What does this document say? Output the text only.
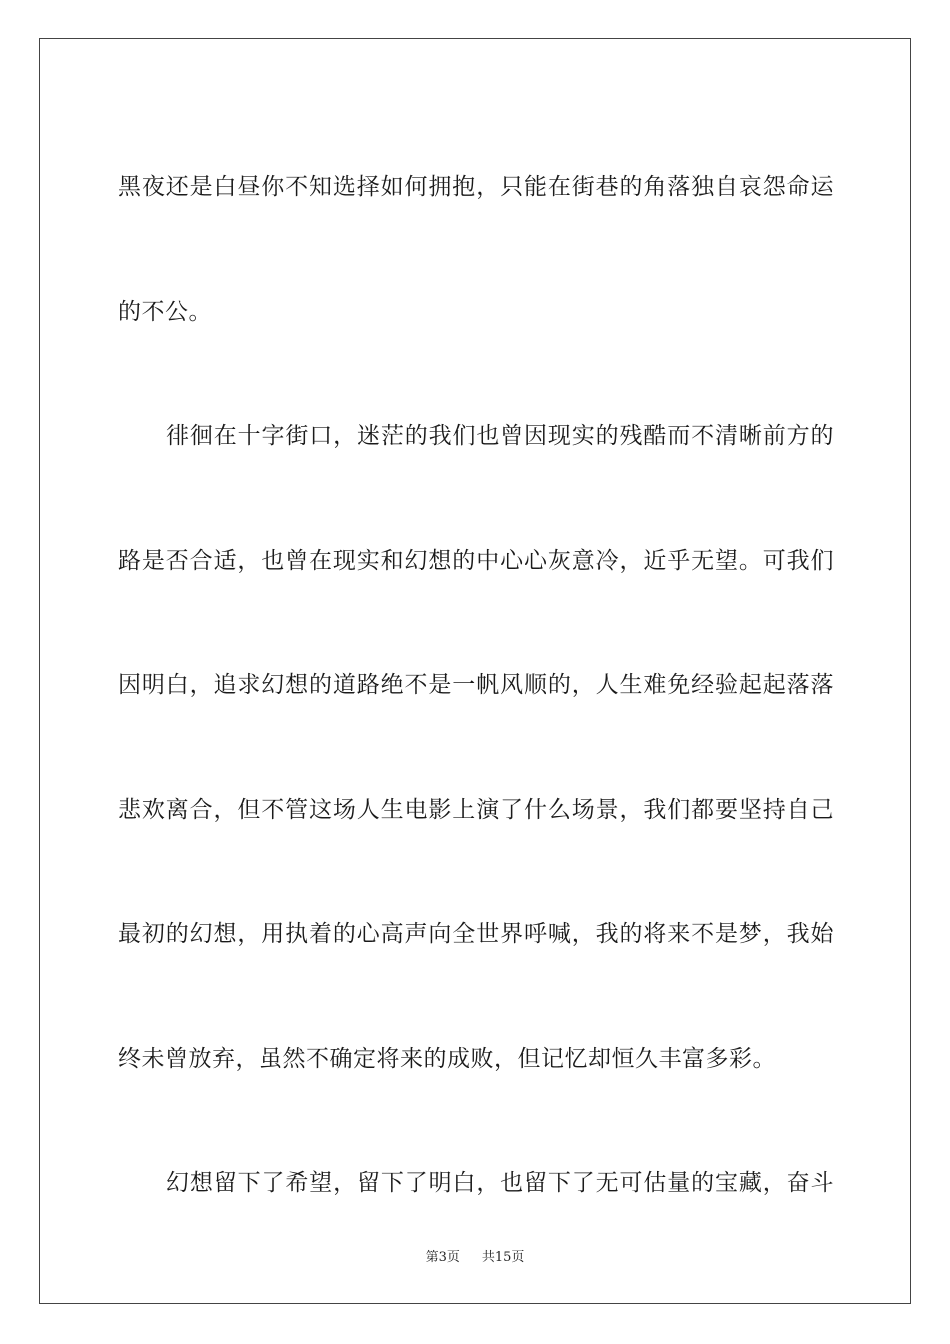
黑夜还是白昼你不知选择如何拥抱，只能在街巷的角落独自哀怨命运
的不公。
徘徊在十字街口，迷茫的我们也曾因现实的残酷而不清晰前方的
路是否合适，也曾在现实和幻想的中心心灰意冷，近乎无望。可我们
因明白，追求幻想的道路绝不是一帆风顺的，人生难免经验起起落落
悲欢离合，但不管这场人生电影上演了什么场景，我们都要坚持自己
最初的幻想，用执着的心高声向全世界呼喊，我的将来不是梦，我始
终未曾放弃，虽然不确定将来的成败，但记忆却恒久丰富多彩。
幻想留下了希望，留下了明白，也留下了无可估量的宝藏，奋斗
第3页 共15页
